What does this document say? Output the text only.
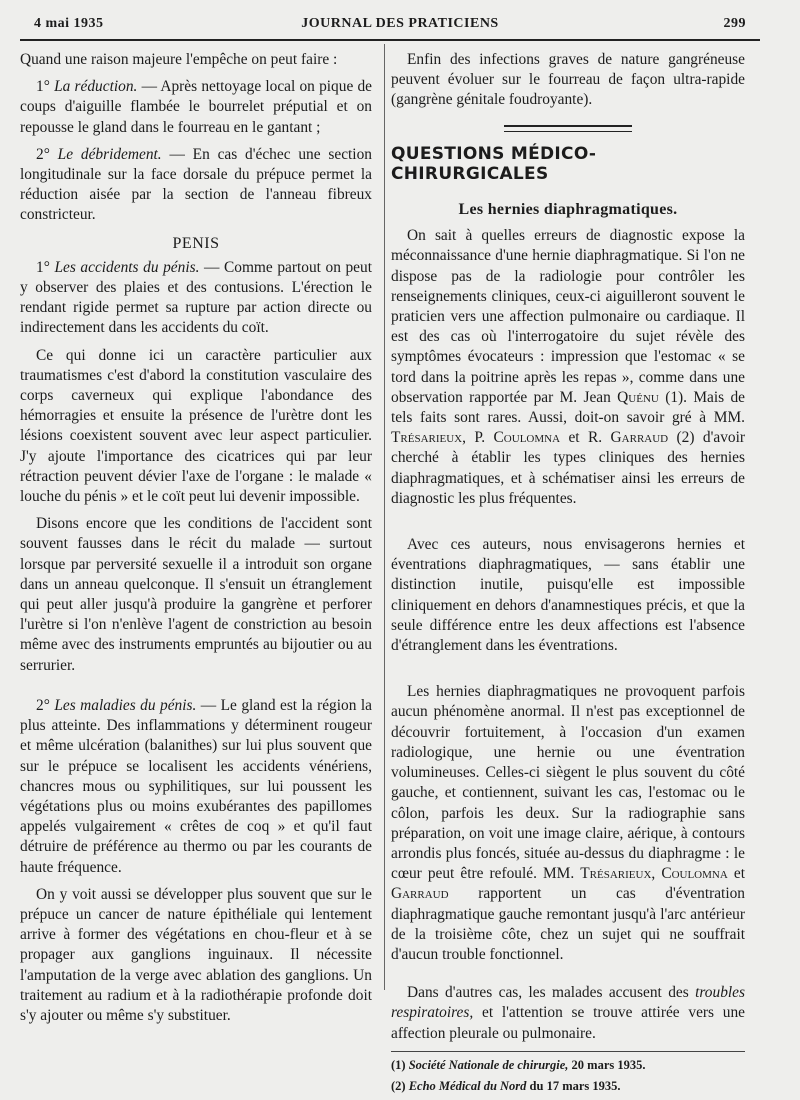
4 mai 1935	JOURNAL DES PRATICIENS	299

Quand une raison majeure l'empêche on peut faire :

1° La réduction. — Après nettoyage local on pique de coups d'aiguille flambée le bourrelet préputial et on repousse le gland dans le fourreau en le gantant ;

2° Le débridement. — En cas d'échec une section longitudinale sur la face dorsale du prépuce permet la réduction aisée par la section de l'anneau fibreux constricteur.

PENIS

1° Les accidents du pénis. — Comme partout on peut y observer des plaies et des contusions. L'érection le rendant rigide permet sa rupture par action directe ou indirectement dans les accidents du coït.

Ce qui donne ici un caractère particulier aux traumatismes c'est d'abord la constitution vasculaire des corps caverneux qui explique l'abondance des hémorragies et ensuite la présence de l'urètre dont les lésions coexistent souvent avec leur aspect particulier. J'y ajoute l'importance des cicatrices qui par leur rétraction peuvent dévier l'axe de l'organe : le malade « louche du pénis » et le coït peut lui devenir impossible.

Disons encore que les conditions de l'accident sont souvent fausses dans le récit du malade — surtout lorsque par perversité sexuelle il a introduit son organe dans un anneau quelconque. Il s'ensuit un étranglement qui peut aller jusqu'à produire la gangrène et perforer l'urètre si l'on n'enlève l'agent de constriction au besoin même avec des instruments empruntés au bijoutier ou au serrurier.

2° Les maladies du pénis. — Le gland est la région la plus atteinte. Des inflammations y déterminent rougeur et même ulcération (balanithes) sur lui plus souvent que sur le prépuce se localisent les accidents vénériens, chancres mous ou syphilitiques, sur lui poussent les végétations plus ou moins exubérantes des papillomes appelés vulgairement « crêtes de coq » et qu'il faut détruire de préférence au thermo ou par les courants de haute fréquence.

On y voit aussi se développer plus souvent que sur le prépuce un cancer de nature épithéliale qui lentement arrive à former des végétations en chou-fleur et à se propager aux ganglions inguinaux. Il nécessite l'amputation de la verge avec ablation des ganglions. Un traitement au radium et à la radiothérapie profonde doit s'y ajouter ou même s'y substituer.

Enfin des infections graves de nature gangréneuse peuvent évoluer sur le fourreau de façon ultra-rapide (gangrène génitale foudroyante).

QUESTIONS MÉDICO-CHIRURGICALES
Les hernies diaphragmatiques.

On sait à quelles erreurs de diagnostic expose la méconnaissance d'une hernie diaphragmatique. Si l'on ne dispose pas de la radiologie pour contrôler les renseignements cliniques, ceux-ci aiguilleront souvent le praticien vers une affection pulmonaire ou cardiaque. Il est des cas où l'interrogatoire du sujet révèle des symptômes évocateurs : impression que l'estomac « se tord dans la poitrine après les repas », comme dans une observation rapportée par M. Jean Quénu (1). Mais de tels faits sont rares. Aussi, doit-on savoir gré à MM. Trésarieux, P. Coulomna et R. Garraud (2) d'avoir cherché à établir les types cliniques des hernies diaphragmatiques, et à schématiser ainsi les erreurs de diagnostic les plus fréquentes.

Avec ces auteurs, nous envisagerons hernies et éventrations diaphragmatiques, — sans établir une distinction inutile, puisqu'elle est impossible cliniquement en dehors d'anamnestiques précis, et que la seule différence entre les deux affections est l'absence d'étranglement dans les éventrations.

Les hernies diaphragmatiques ne provoquent parfois aucun phénomène anormal. Il n'est pas exceptionnel de découvrir fortuitement, à l'occasion d'un examen radiologique, une hernie ou une éventration volumineuses. Celles-ci siègent le plus souvent du côté gauche, et contiennent, suivant les cas, l'estomac ou le côlon, parfois les deux. Sur la radiographie sans préparation, on voit une image claire, aérique, à contours arrondis plus foncés, située au-dessus du diaphragme : le cœur peut être refoulé. MM. Trésarieux, Coulomna et Garraud rapportent un cas d'éventration diaphragmatique gauche remontant jusqu'à l'arc antérieur de la troisième côte, chez un sujet qui ne souffrait d'aucun trouble fonctionnel.

Dans d'autres cas, les malades accusent des troubles respiratoires, et l'attention se trouve attirée vers une affection pleurale ou pulmonaire.

(1) Société Nationale de chirurgie, 20 mars 1935.

(2) Echo Médical du Nord du 17 mars 1935.
